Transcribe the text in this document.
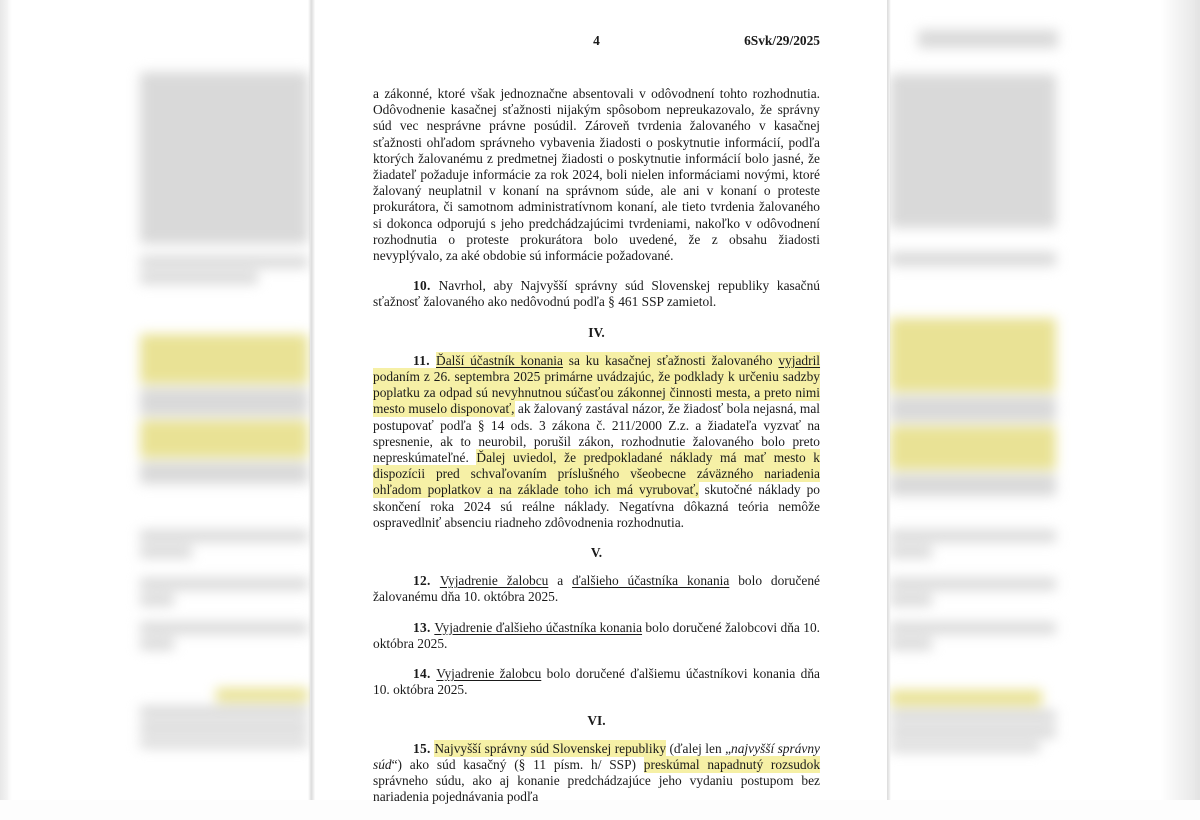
4	6Svk/29/2025

a zákonné, ktoré však jednoznačne absentovali v odôvodnení tohto rozhodnutia. Odôvodnenie kasačnej sťažnosti nijakým spôsobom nepreukazovalo, že správny súd vec nesprávne právne posúdil. Zároveň tvrdenia žalovaného v kasačnej sťažnosti ohľadom správneho vybavenia žiadosti o poskytnutie informácií, podľa ktorých žalovanému z predmetnej žiadosti o poskytnutie informácií bolo jasné, že žiadateľ požaduje informácie za rok 2024, boli nielen informáciami novými, ktoré žalovaný neuplatnil v konaní na správnom súde, ale ani v konaní o proteste prokurátora, či samotnom administratívnom konaní, ale tieto tvrdenia žalovaného si dokonca odporujú s jeho predchádzajúcimi tvrdeniami, nakoľko v odôvodnení rozhodnutia o proteste prokurátora bolo uvedené, že z obsahu žiadosti nevyplývalo, za aké obdobie sú informácie požadované.

10. Navrhol, aby Najvyšší správny súd Slovenskej republiky kasačnú sťažnosť žalovaného ako nedôvodnú podľa § 461 SSP zamietol.

IV.

11. Ďalší účastník konania sa ku kasačnej sťažnosti žalovaného vyjadril podaním z 26. septembra 2025 primárne uvádzajúc, že podklady k určeniu sadzby poplatku za odpad sú nevyhnutnou súčasťou zákonnej činnosti mesta, a preto nimi mesto muselo disponovať, ak žalovaný zastával názor, že žiadosť bola nejasná, mal postupovať podľa § 14 ods. 3 zákona č. 211/2000 Z.z. a žiadateľa vyzvať na spresnenie, ak to neurobil, porušil zákon, rozhodnutie žalovaného bolo preto nepreskúmateľné. Ďalej uviedol, že predpokladané náklady má mať mesto k dispozícii pred schvaľovaním príslušného všeobecne záväzného nariadenia ohľadom poplatkov a na základe toho ich má vyrubovať, skutočné náklady po skončení roka 2024 sú reálne náklady. Negatívna dôkazná teória nemôže ospravedlniť absenciu riadneho zdôvodnenia rozhodnutia.

V.

12. Vyjadrenie žalobcu a ďalšieho účastníka konania bolo doručené žalovanému dňa 10. októbra 2025.

13. Vyjadrenie ďalšieho účastníka konania bolo doručené žalobcovi dňa 10. októbra 2025.

14. Vyjadrenie žalobcu bolo doručené ďalšiemu účastníkovi konania dňa 10. októbra 2025.

VI.

15. Najvyšší správny súd Slovenskej republiky (ďalej len „najvyšší správny súd“) ako súd kasačný (§ 11 písm. h/ SSP) preskúmal napadnutý rozsudok správneho súdu, ako aj konanie predchádzajúce jeho vydaniu postupom bez nariadenia pojednávania podľa
